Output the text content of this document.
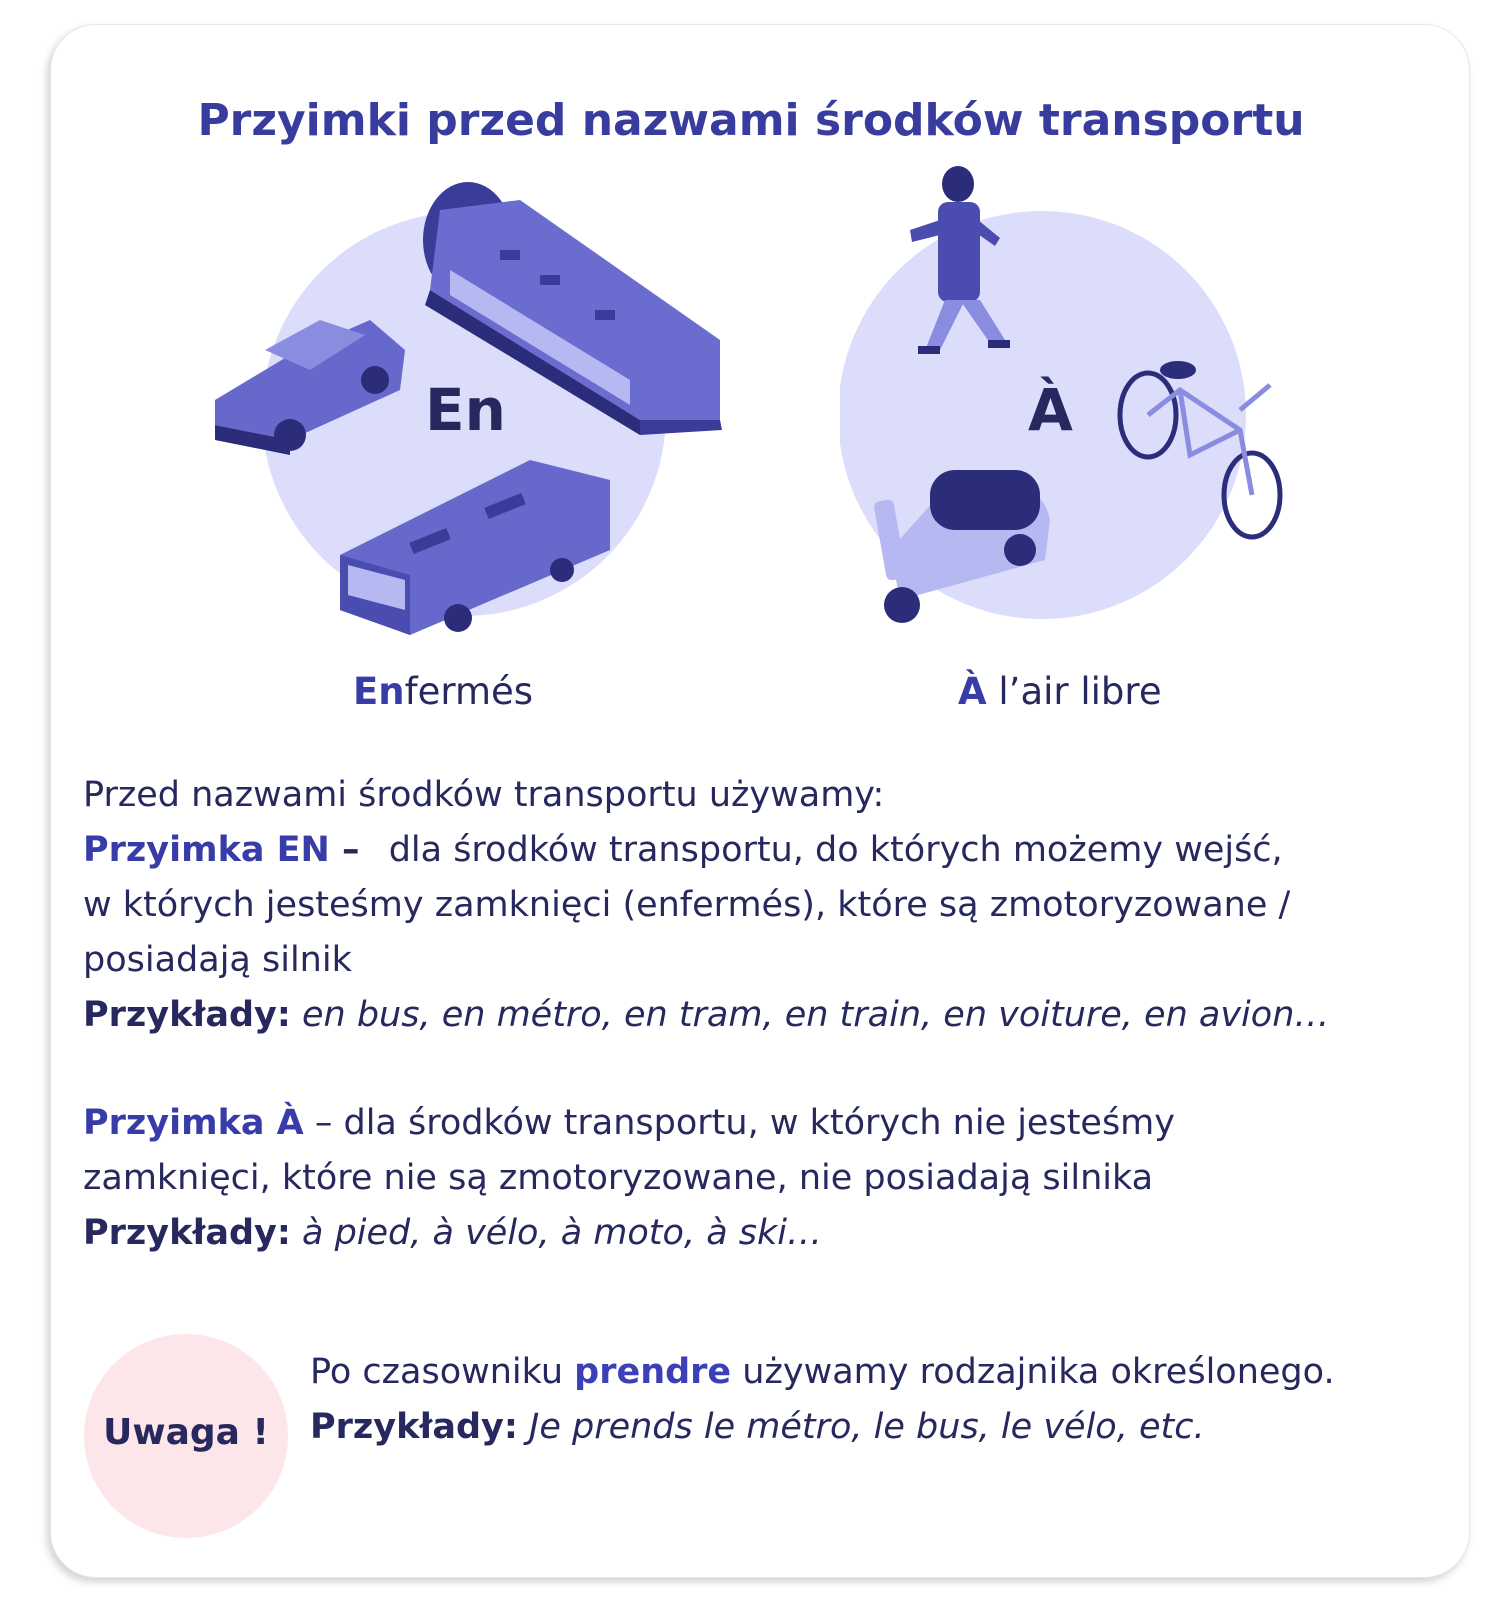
Przyimki przed nazwami środków transportu
En	À
Enfermés	À l’air libre
Przed nazwami środków transportu używamy:
Przyimka EN – dla środków transportu, do których możemy wejść,
w których jesteśmy zamknięci (enfermés), które są zmotoryzowane /
posiadają silnik
Przykłady: en bus, en métro, en tram, en train, en voiture, en avion…
Przyimka À – dla środków transportu, w których nie jesteśmy
zamknięci, które nie są zmotoryzowane, nie posiadają silnika
Przykłady: à pied, à vélo, à moto, à ski…
Uwaga !
Po czasowniku prendre używamy rodzajnika określonego.
Przykłady: Je prends le métro, le bus, le vélo, etc.
